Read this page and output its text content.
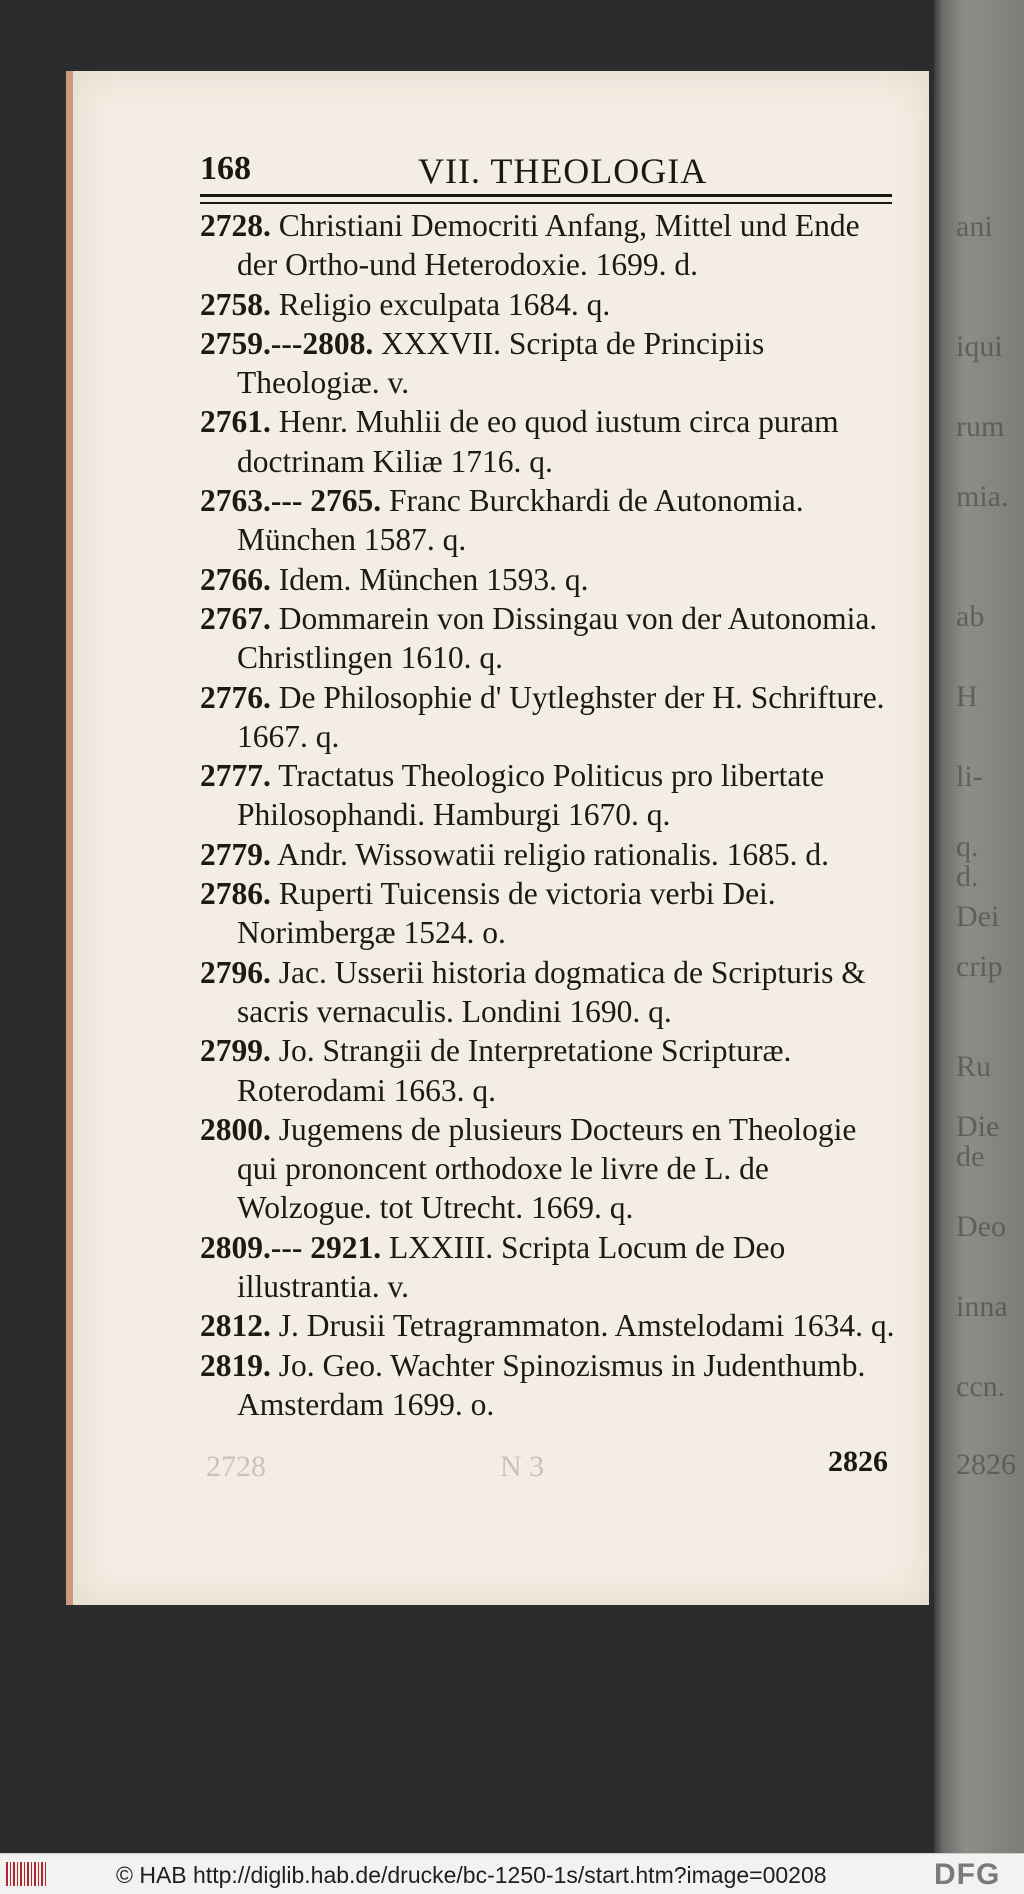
ani
iqui
rum
mia.
ab
H
li-
q.
d.
Dei
crip
Ru
Die
de
Deo
inna
ccn.
2826
168	VII. THEOLOGIA

2728. Christiani Democriti Anfang, Mittel und Ende der Ortho-und Heterodoxie. 1699. d.

2758. Religio exculpata 1684. q.

2759.---2808. XXXVII. Scripta de Principiis Theologiæ. v.

2761. Henr. Muhlii de eo quod iustum circa puram doctrinam Kiliæ 1716. q.

2763.--- 2765. Franc Burckhardi de Autonomia. München 1587. q.

2766. Idem. München 1593. q.

2767. Dommarein von Dissingau von der Autonomia. Christlingen 1610. q.

2776. De Philosophie d' Uytleghster der H. Schrifture. 1667. q.

2777. Tractatus Theologico Politicus pro libertate Philosophandi. Hamburgi 1670. q.

2779. Andr. Wissowatii religio rationalis. 1685. d.

2786. Ruperti Tuicensis de victoria verbi Dei. Norimbergæ 1524. o.

2796. Jac. Usserii historia dogmatica de Scripturis & sacris vernaculis. Londini 1690. q.

2799. Jo. Strangii de Interpretatione Scripturæ. Roterodami 1663. q.

2800. Jugemens de plusieurs Docteurs en Theologie qui prononcent orthodoxe le livre de L. de Wolzogue. tot Utrecht. 1669. q.

2809.--- 2921. LXXIII. Scripta Locum de Deo illustrantia. v.

2812. J. Drusii Tetragrammaton. Amstelodami 1634. q.

2819. Jo. Geo. Wachter Spinozismus in Judenthumb. Amsterdam 1699. o.

2728	N 3	2826
© HAB http://diglib.hab.de/drucke/bc-1250-1s/start.htm?image=00208	DFG
